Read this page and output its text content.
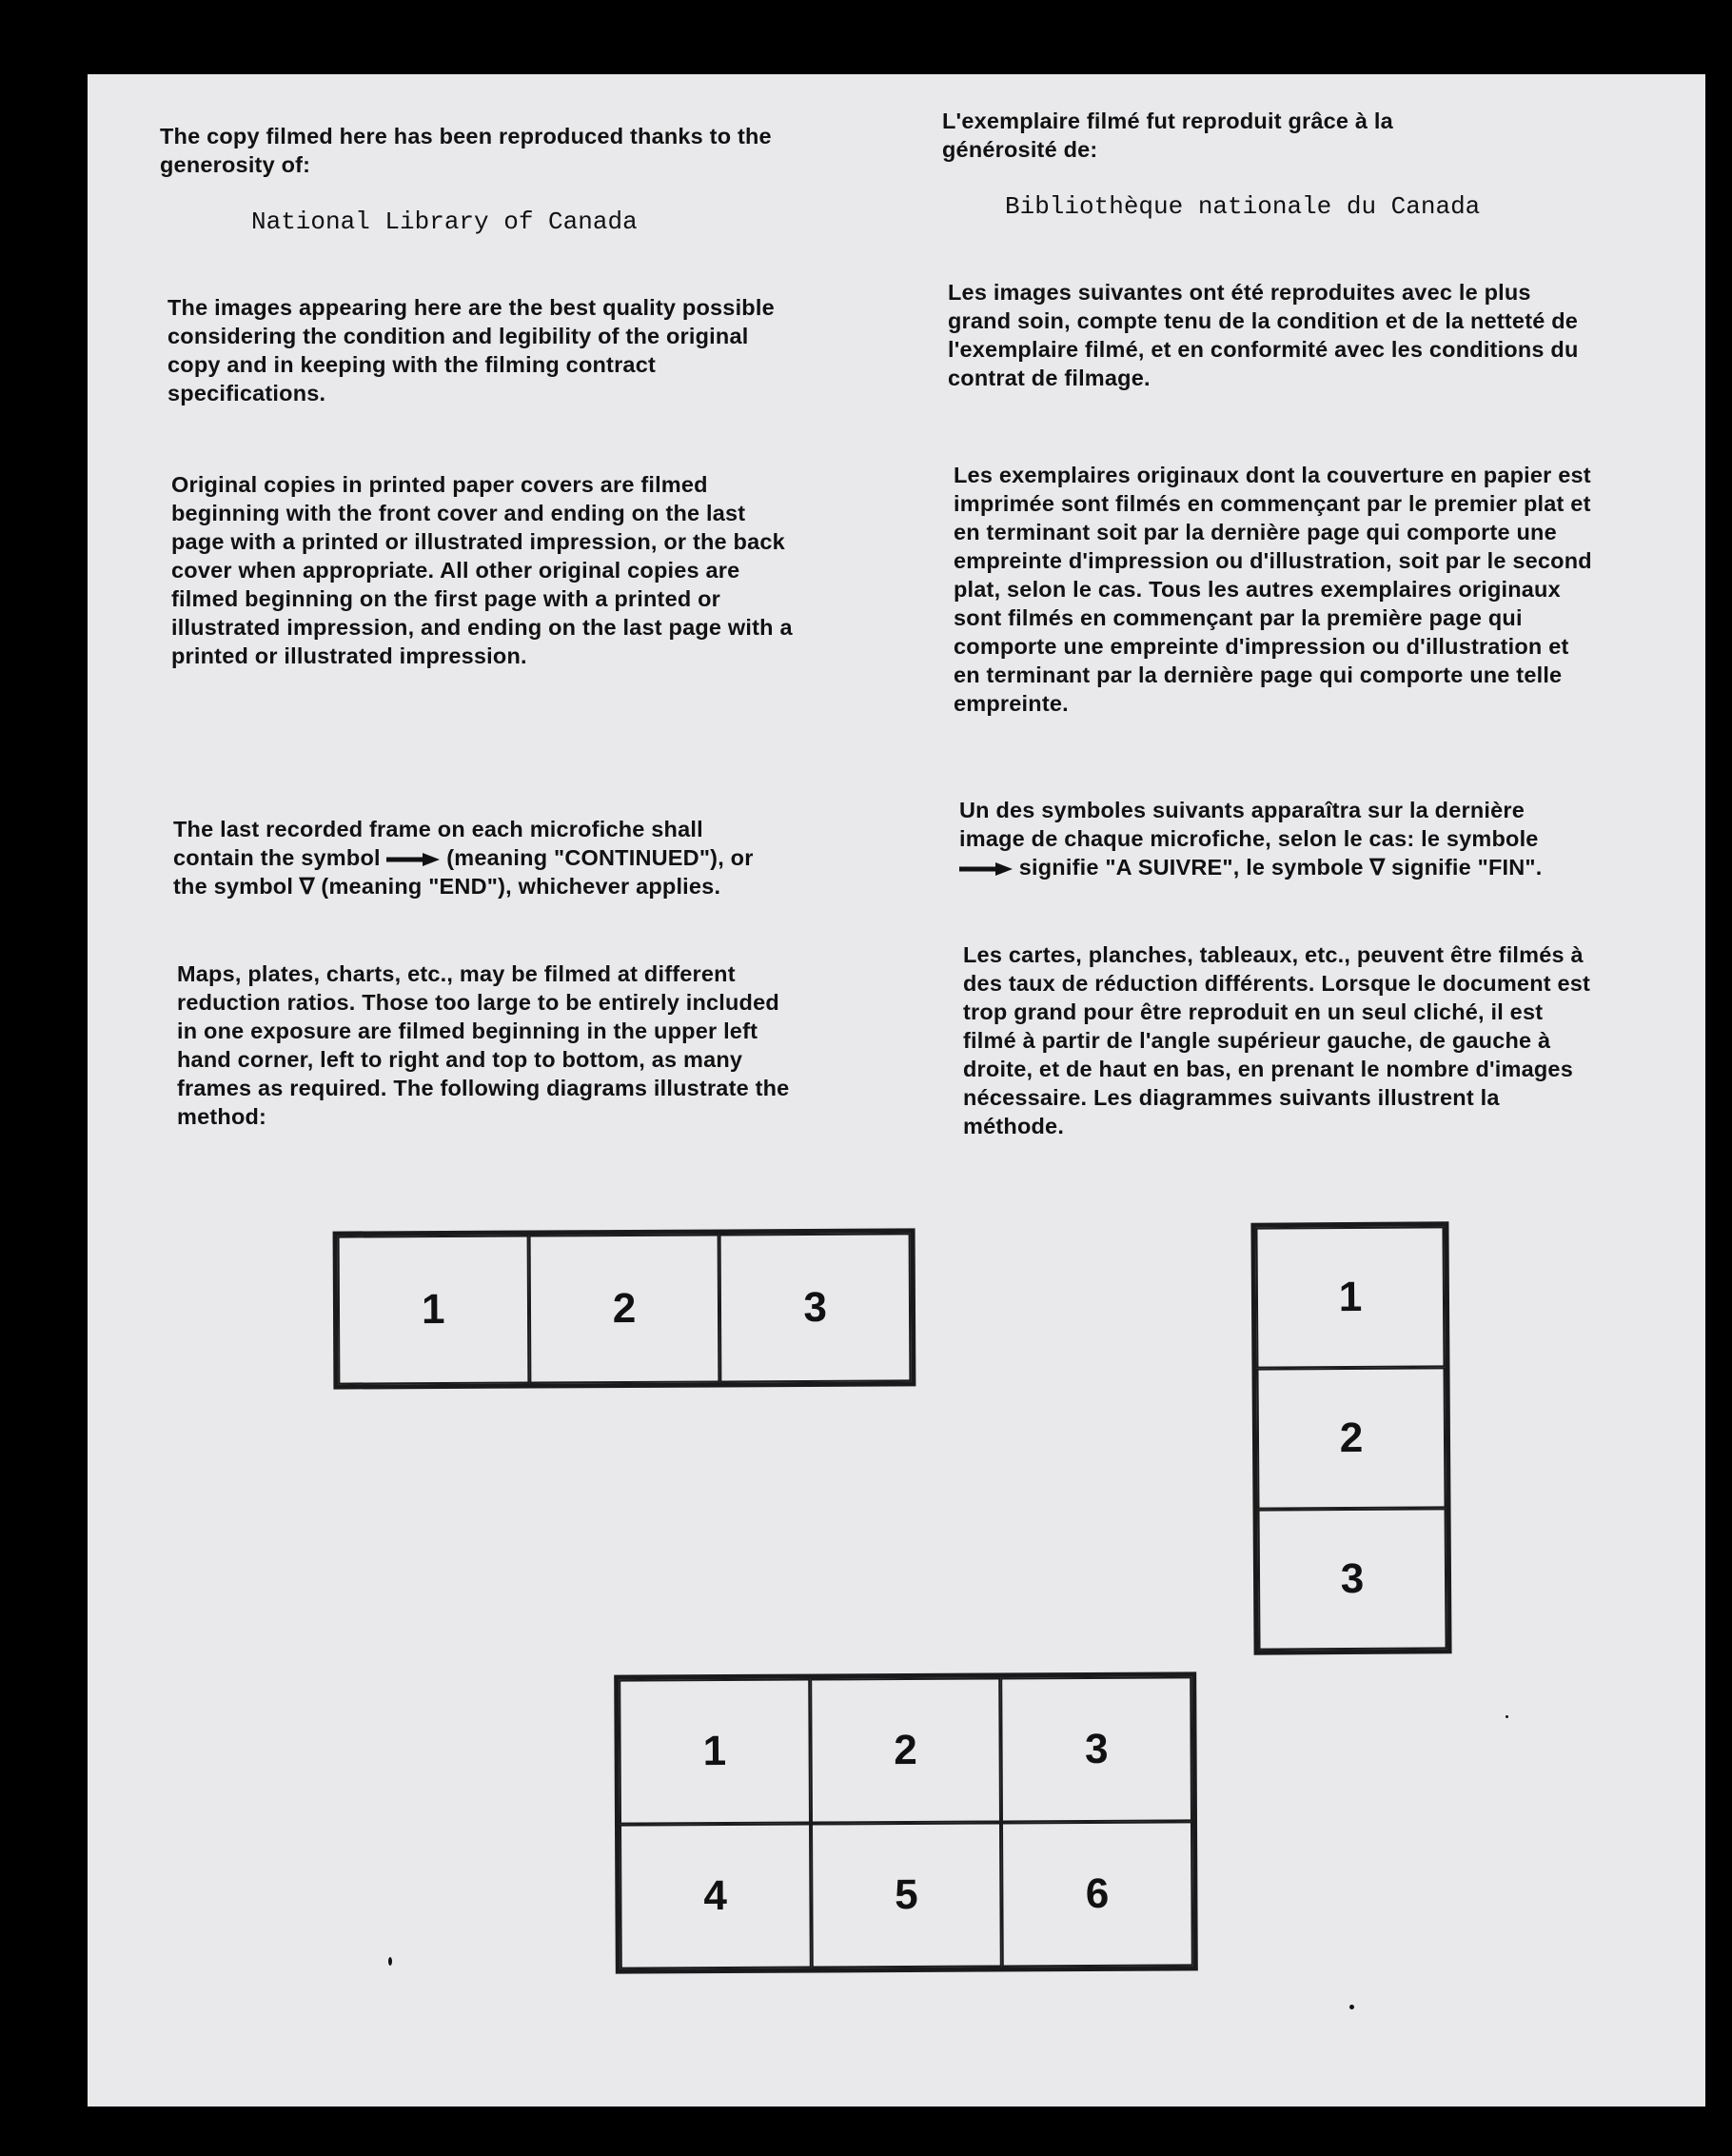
The copy filmed here has been reproduced thanks to the generosity of:

National Library of Canada

The images appearing here are the best quality possible considering the condition and legibility of the original copy and in keeping with the filming contract specifications.

Original copies in printed paper covers are filmed beginning with the front cover and ending on the last page with a printed or illustrated impression, or the back cover when appropriate. All other original copies are filmed beginning on the first page with a printed or illustrated impression, and ending on the last page with a printed or illustrated impression.

The last recorded frame on each microfiche shall contain the symbol	(meaning "CONTINUED"), or the symbol ∇ (meaning "END"), whichever applies.

Maps, plates, charts, etc., may be filmed at different reduction ratios. Those too large to be entirely included in one exposure are filmed beginning in the upper left hand corner, left to right and top to bottom, as many frames as required. The following diagrams illustrate the method:

L'exemplaire filmé fut reproduit grâce à la générosité de:

Bibliothèque nationale du Canada

Les images suivantes ont été reproduites avec le plus grand soin, compte tenu de la condition et de la netteté de l'exemplaire filmé, et en conformité avec les conditions du contrat de filmage.

Les exemplaires originaux dont la couverture en papier est imprimée sont filmés en commençant par le premier plat et en terminant soit par la dernière page qui comporte une empreinte d'impression ou d'illustration, soit par le second plat, selon le cas. Tous les autres exemplaires originaux sont filmés en commençant par la première page qui comporte une empreinte d'impression ou d'illustration et en terminant par la dernière page qui comporte une telle empreinte.

Un des symboles suivants apparaîtra sur la dernière image de chaque microfiche, selon le cas: le symbole  signifie "A SUIVRE", le symbole ∇ signifie "FIN".

Les cartes, planches, tableaux, etc., peuvent être filmés à des taux de réduction différents. Lorsque le document est trop grand pour être reproduit en un seul cliché, il est filmé à partir de l'angle supérieur gauche, de gauche à droite, et de haut en bas, en prenant le nombre d'images nécessaire. Les diagrammes suivants illustrent la méthode.

1	2	3	1
2
3
1	2	3
4	5	6
